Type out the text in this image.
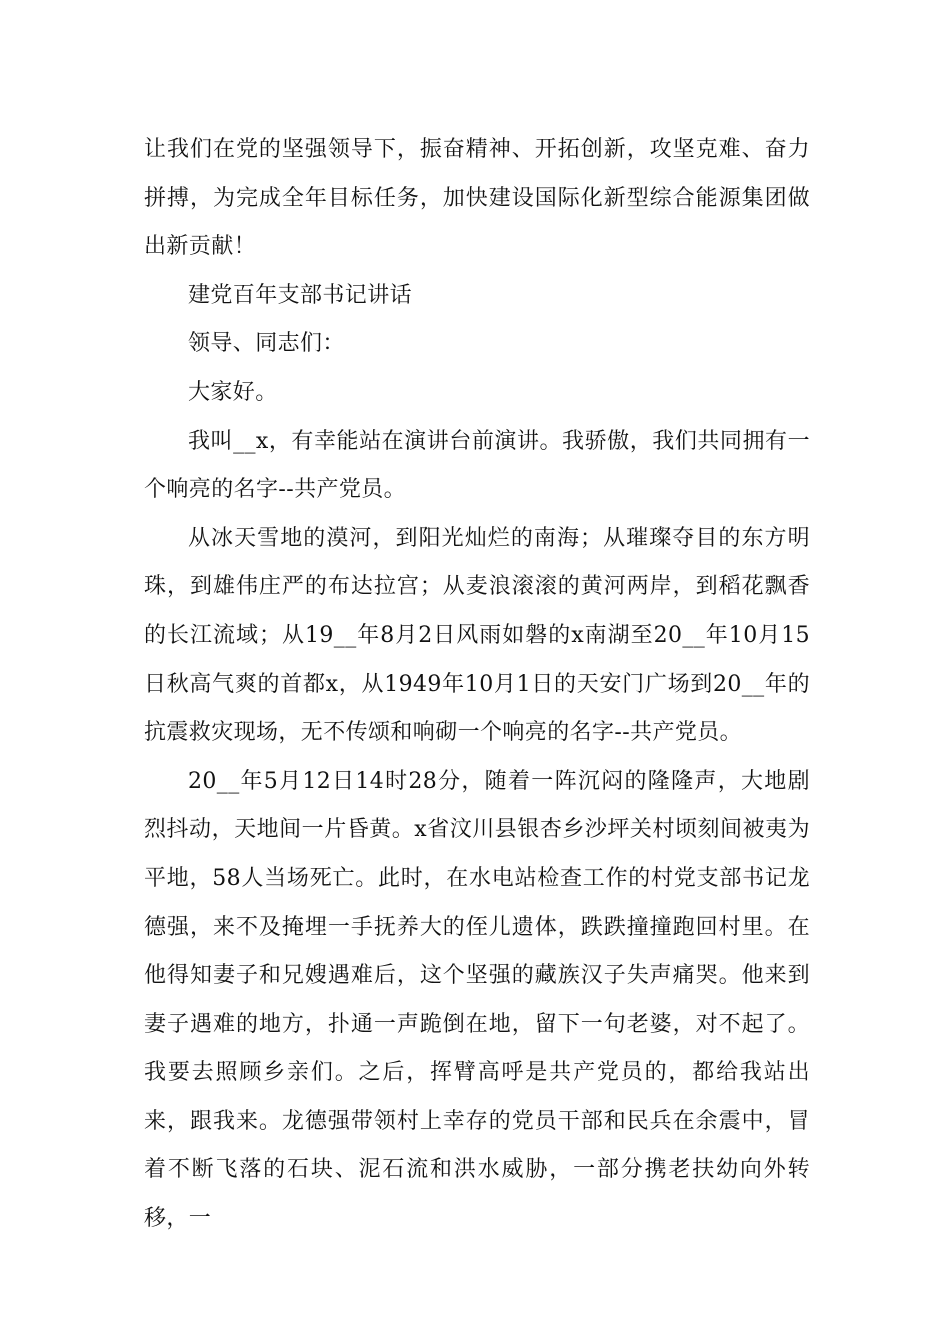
让我们在党的坚强领导下，振奋精神、开拓创新，攻坚克难、奋力拼搏，为完成全年目标任务，加快建设国际化新型综合能源集团做出新贡献！

建党百年支部书记讲话

领导、同志们：

大家好。

我叫__x，有幸能站在演讲台前演讲。我骄傲，我们共同拥有一个响亮的名字--共产党员。

从冰天雪地的漠河，到阳光灿烂的南海；从璀璨夺目的东方明珠，到雄伟庄严的布达拉宫；从麦浪滚滚的黄河两岸，到稻花飘香的长江流域；从19__年8月2日风雨如磐的x南湖至20__年10月15日秋高气爽的首都x，从1949年10月1日的天安门广场到20__年的抗震救灾现场，无不传颂和响砌一个响亮的名字--共产党员。

20__年5月12日14时28分，随着一阵沉闷的隆隆声，大地剧烈抖动，天地间一片昏黄。x省汶川县银杏乡沙坪关村顷刻间被夷为平地，58人当场死亡。此时，在水电站检查工作的村党支部书记龙德强，来不及掩埋一手抚养大的侄儿遗体，跌跌撞撞跑回村里。在他得知妻子和兄嫂遇难后，这个坚强的藏族汉子失声痛哭。他来到妻子遇难的地方，扑通一声跪倒在地，留下一句老婆，对不起了。我要去照顾乡亲们。之后，挥臂高呼是共产党员的，都给我站出来，跟我来。龙德强带领村上幸存的党员干部和民兵在余震中，冒着不断飞落的石块、泥石流和洪水威胁，一部分携老扶幼向外转移，一
